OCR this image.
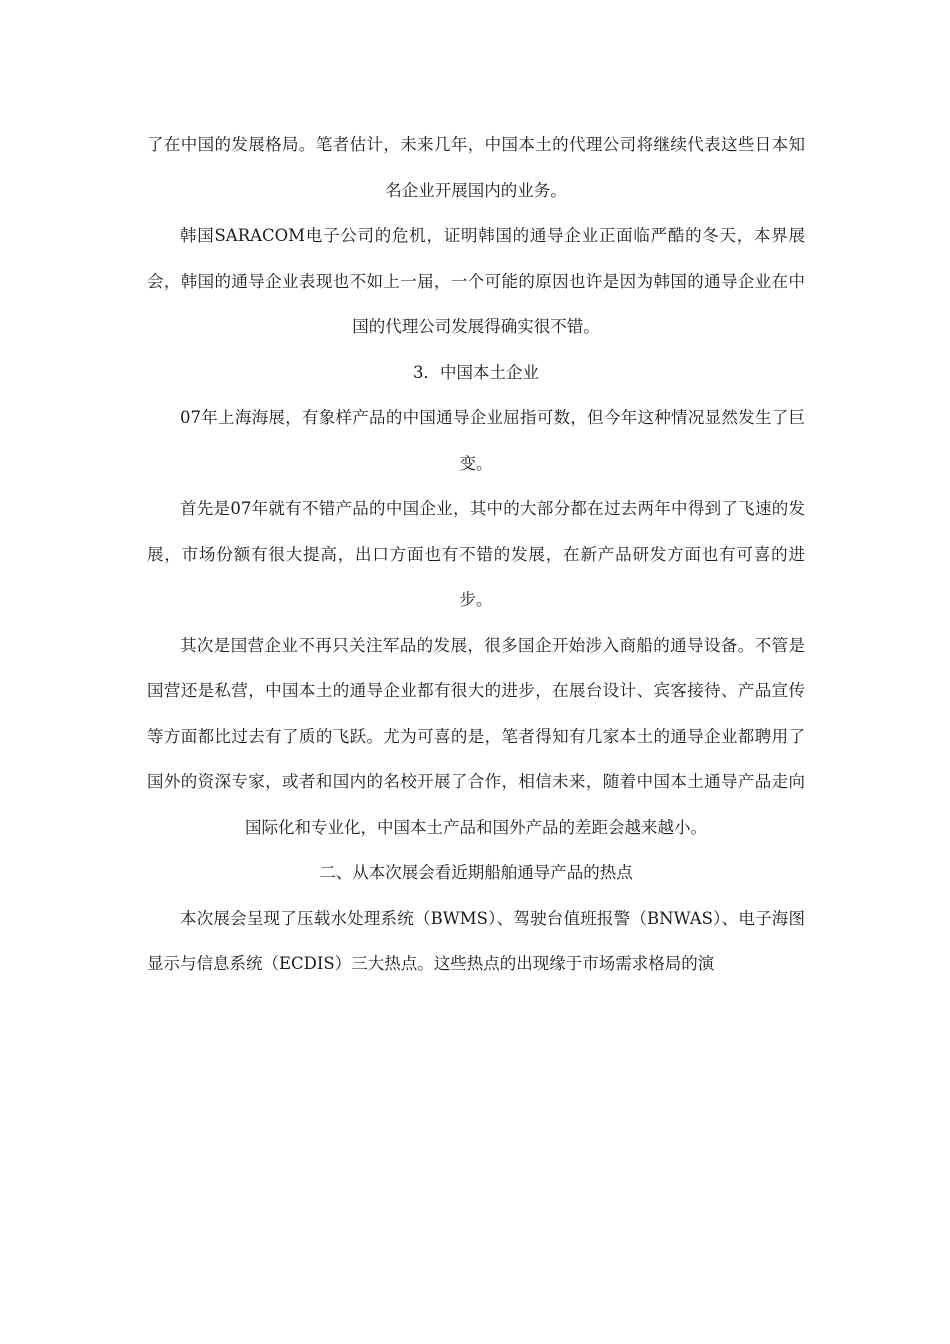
了在中国的发展格局。笔者估计，未来几年，中国本土的代理公司将继续代表这些日本知名企业开展国内的业务。

韩国SARACOM电子公司的危机，证明韩国的通导企业正面临严酷的冬天，本界展会，韩国的通导企业表现也不如上一届，一个可能的原因也许是因为韩国的通导企业在中国的代理公司发展得确实很不错。

3．中国本土企业

07年上海海展，有象样产品的中国通导企业屈指可数，但今年这种情况显然发生了巨变。

首先是07年就有不错产品的中国企业，其中的大部分都在过去两年中得到了飞速的发展，市场份额有很大提高，出口方面也有不错的发展，在新产品研发方面也有可喜的进步。

其次是国营企业不再只关注军品的发展，很多国企开始涉入商船的通导设备。不管是国营还是私营，中国本土的通导企业都有很大的进步，在展台设计、宾客接待、产品宣传等方面都比过去有了质的飞跃。尤为可喜的是，笔者得知有几家本土的通导企业都聘用了国外的资深专家，或者和国内的名校开展了合作，相信未来，随着中国本土通导产品走向国际化和专业化，中国本土产品和国外产品的差距会越来越小。

二、从本次展会看近期船舶通导产品的热点

本次展会呈现了压载水处理系统（BWMS）、驾驶台值班报警（BNWAS）、电子海图显示与信息系统（ECDIS）三大热点。这些热点的出现缘于市场需求格局的演
